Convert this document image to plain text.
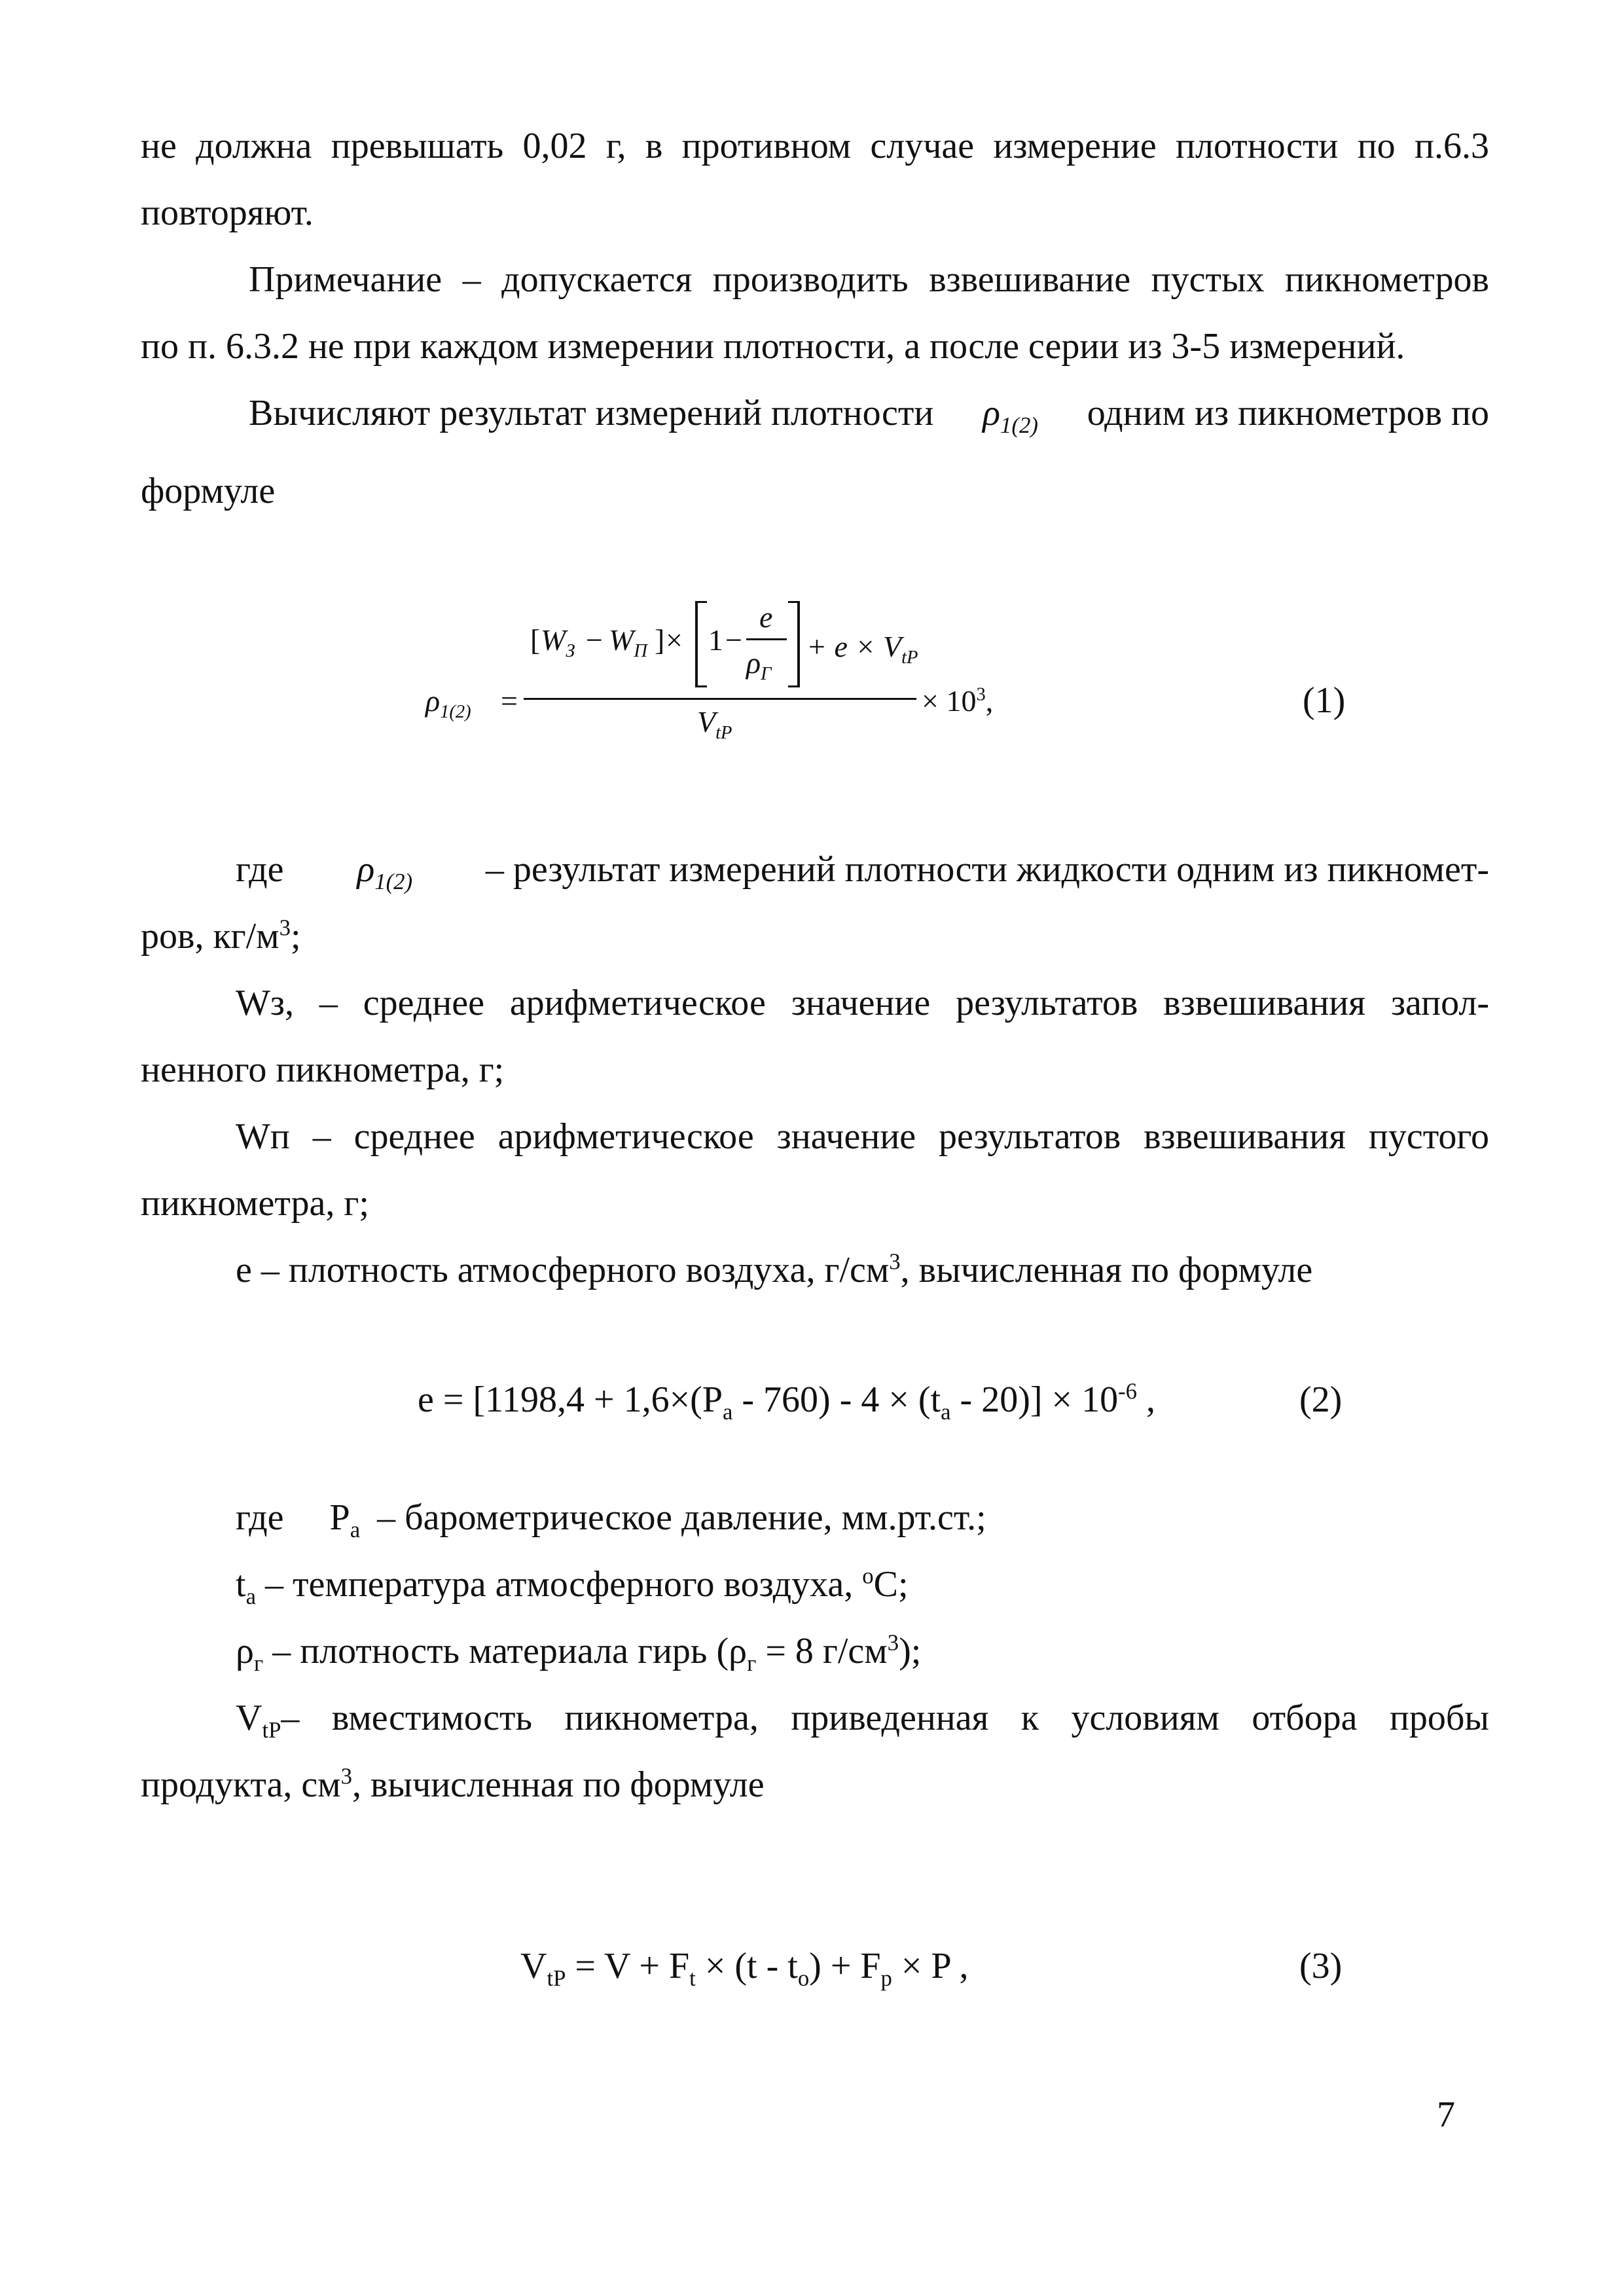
не должна превышать 0,02 г, в противном случае измерение плотности по п.6.3
повторяют.
Примечание – допускается производить взвешивание пустых пикнометров
по п. 6.3.2 не при каждом измерении плотности, а после серии из 3-5 измерений.
Вычисляют результат измерений плотности $\rho_{1(2)}$ одним из пикнометров по
формуле
$\rho_{1(2)}$ =
[ $W_З - W_П$ ] × 1 −
e
$\rho_Г$
+ $e \times V_{tP}$
$V_{tP}$
× $10^3$,	(1)
где $\rho_{1(2)}$ – результат измерений плотности жидкости одним из пикномет-
ров, $кг/м^3$;
Wз, – среднее арифметическое значение результатов взвешивания запол-
ненного пикнометра, г;
Wп – среднее арифметическое значение результатов взвешивания пустого
пикнометра, г;
e – плотность атмосферного воздуха, $г/см^3$, вычисленная по формуле
$e = [1198,4 + 1,6\times(P_a - 760) - 4 \times (t_a - 20)] \times 10^{-6}$ ,	(2)
где $P_a$ – барометрическое давление, мм.рт.ст.;
$t_a$ – температура атмосферного воздуха, $^o$C;
$\rho_г$ – плотность материала гирь ($\rho_г = 8$ $г/см^3$);
$V_{tP}$ – вместимость пикнометра, приведенная к условиям отбора пробы
продукта, $см^3$, вычисленная по формуле
$V_{tP} = V + F_t \times (t - t_o) + F_p \times P$ ,	(3)
7
